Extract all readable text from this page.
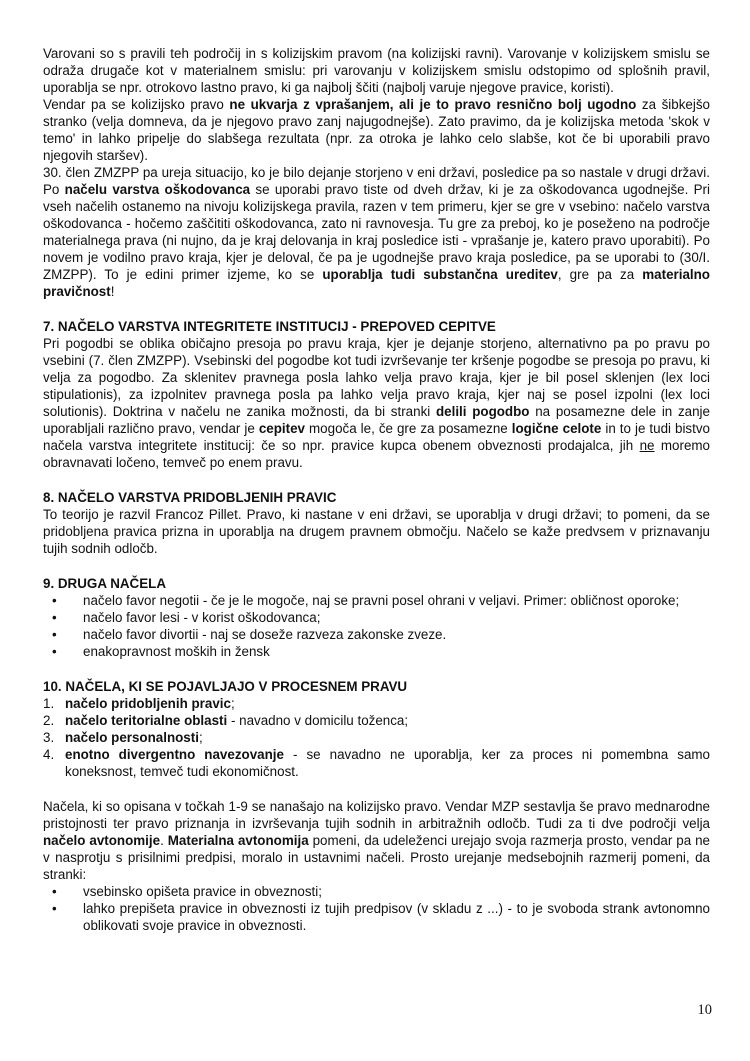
Varovani so s pravili teh področij in s kolizijskim pravom (na kolizijski ravni). Varovanje v kolizijskem smislu se odraža drugače kot v materialnem smislu: pri varovanju v kolizijskem smislu odstopimo od splošnih pravil, uporablja se npr. otrokovo lastno pravo, ki ga najbolj ščiti (najbolj varuje njegove pravice, koristi).

Vendar pa se kolizijsko pravo ne ukvarja z vprašanjem, ali je to pravo resnično bolj ugodno za šibkejšo stranko (velja domneva, da je njegovo pravo zanj najugodnejše). Zato pravimo, da je kolizijska metoda 'skok v temo' in lahko pripelje do slabšega rezultata (npr. za otroka je lahko celo slabše, kot če bi uporabili pravo njegovih staršev).

30. člen ZMZPP pa ureja situacijo, ko je bilo dejanje storjeno v eni državi, posledice pa so nastale v drugi državi. Po načelu varstva oškodovanca se uporabi pravo tiste od dveh držav, ki je za oškodovanca ugodnejše. Pri vseh načelih ostanemo na nivoju kolizijskega pravila, razen v tem primeru, kjer se gre v vsebino: načelo varstva oškodovanca - hočemo zaščititi oškodovanca, zato ni ravnovesja. Tu gre za preboj, ko je poseženo na področje materialnega prava (ni nujno, da je kraj delovanja in kraj posledice isti - vprašanje je, katero pravo uporabiti). Po novem je vodilno pravo kraja, kjer je deloval, če pa je ugodnejše pravo kraja posledice, pa se uporabi to (30/I. ZMZPP). To je edini primer izjeme, ko se uporablja tudi substančna ureditev, gre pa za materialno pravičnost!

7. NAČELO VARSTVA INTEGRITETE INSTITUCIJ - PREPOVED CEPITVE

Pri pogodbi se oblika običajno presoja po pravu kraja, kjer je dejanje storjeno, alternativno pa po pravu po vsebini (7. člen ZMZPP). Vsebinski del pogodbe kot tudi izvrševanje ter kršenje pogodbe se presoja po pravu, ki velja za pogodbo. Za sklenitev pravnega posla lahko velja pravo kraja, kjer je bil posel sklenjen (lex loci stipulationis), za izpolnitev pravnega posla pa lahko velja pravo kraja, kjer naj se posel izpolni (lex loci solutionis). Doktrina v načelu ne zanika možnosti, da bi stranki delili pogodbo na posamezne dele in zanje uporabljali različno pravo, vendar je cepitev mogoča le, če gre za posamezne logične celote in to je tudi bistvo načela varstva integritete institucij: če so npr. pravice kupca obenem obveznosti prodajalca, jih ne moremo obravnavati ločeno, temveč po enem pravu.

8. NAČELO VARSTVA PRIDOBLJENIH PRAVIC

To teorijo je razvil Francoz Pillet. Pravo, ki nastane v eni državi, se uporablja v drugi državi; to pomeni, da se pridobljena pravica prizna in uporablja na drugem pravnem območju. Načelo se kaže predvsem v priznavanju tujih sodnih odločb.

9. DRUGA NAČELA
•	načelo favor negotii - če je le mogoče, naj se pravni posel ohrani v veljavi. Primer: obličnost oporoke;
•	načelo favor lesi - v korist oškodovanca;
•	načelo favor divortii - naj se doseže razveza zakonske zveze.
•	enakopravnost moških in žensk
10. NAČELA, KI SE POJAVLJAJO V PROCESNEM PRAVU
1. načelo pridobljenih pravic;
2. načelo teritorialne oblasti - navadno v domicilu toženca;
3. načelo personalnosti;
4. enotno divergentno navezovanje - se navadno ne uporablja, ker za proces ni pomembna samo koneksnost, temveč tudi ekonomičnost.

Načela, ki so opisana v točkah 1-9 se nanašajo na kolizijsko pravo. Vendar MZP sestavlja še pravo mednarodne pristojnosti ter pravo priznanja in izvrševanja tujih sodnih in arbitražnih odločb. Tudi za ti dve področji velja načelo avtonomije. Materialna avtonomija pomeni, da udeleženci urejajo svoja razmerja prosto, vendar pa ne v nasprotju s prisilnimi predpisi, moralo in ustavnimi načeli. Prosto urejanje medsebojnih razmerij pomeni, da stranki:

•	vsebinsko opišeta pravice in obveznosti;
•	lahko prepišeta pravice in obveznosti iz tujih predpisov (v skladu z ...) - to je svoboda strank avtonomno oblikovati svoje pravice in obveznosti.
10
